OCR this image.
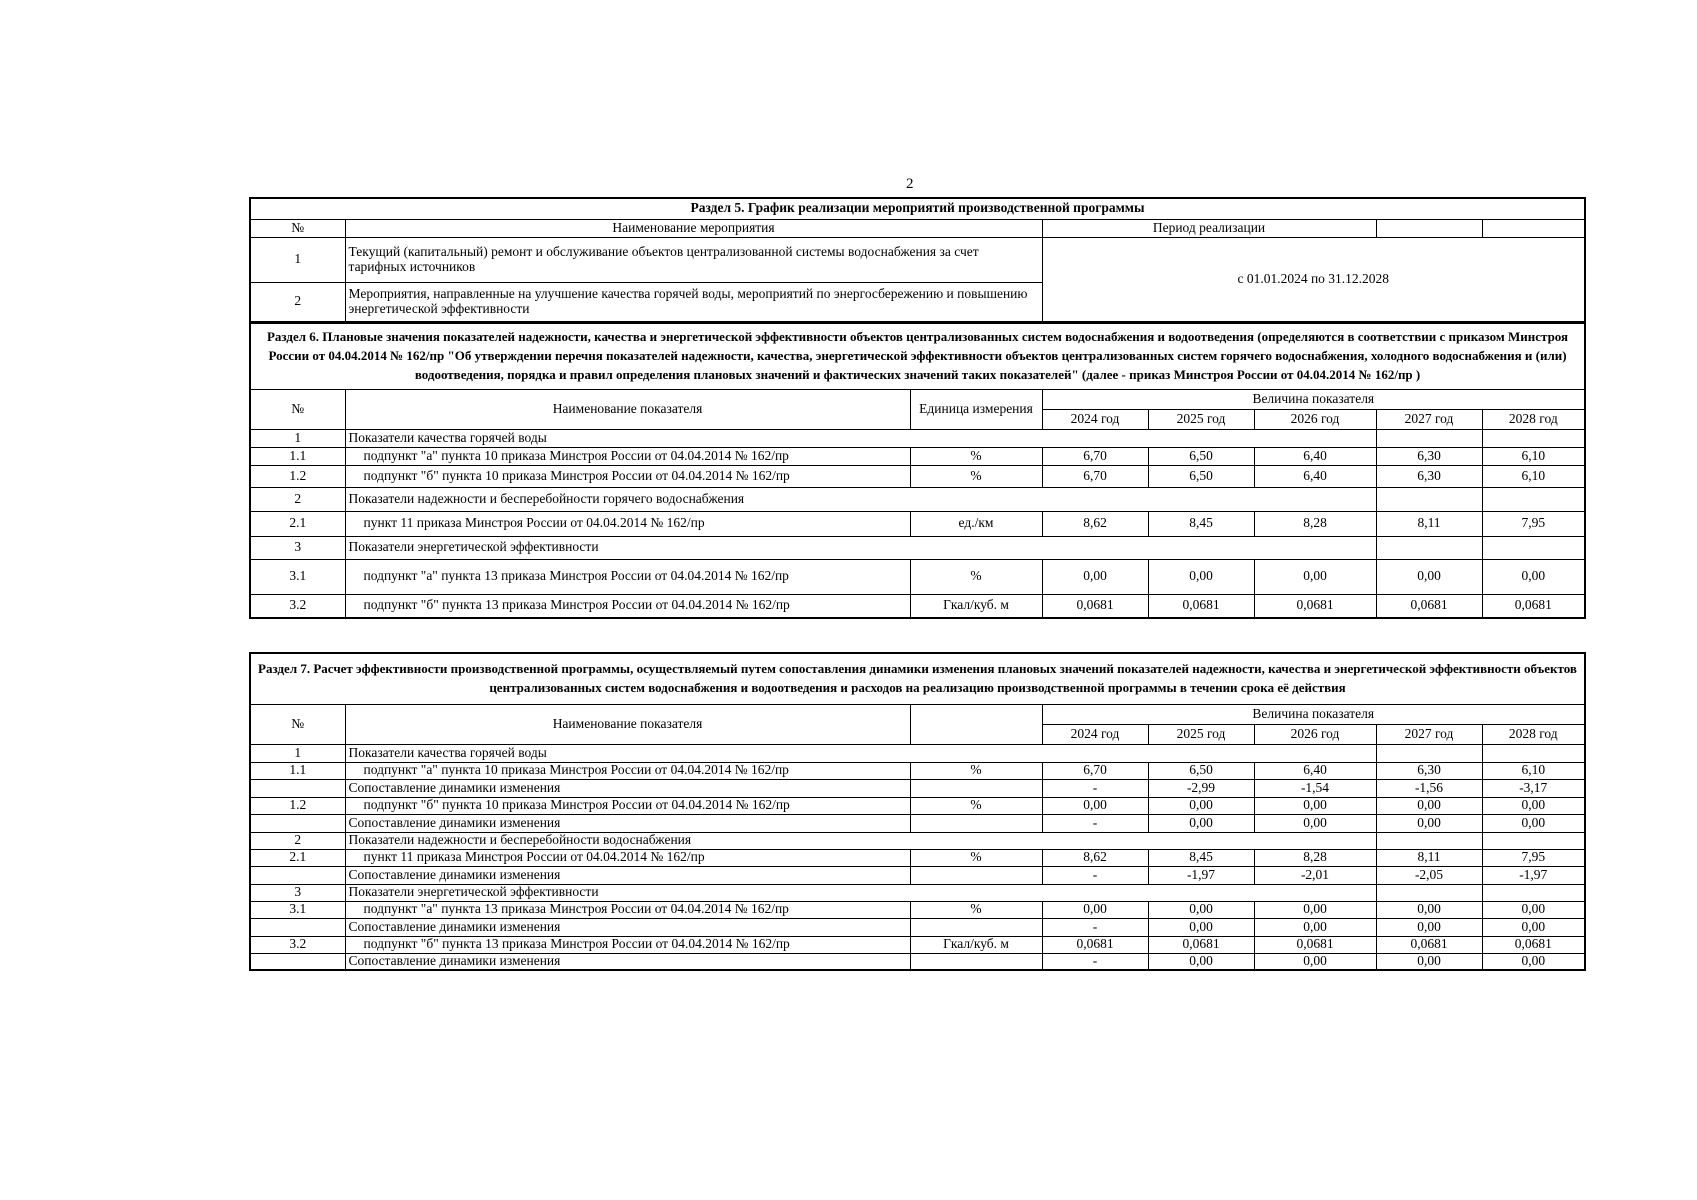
2
Раздел 5. График реализации мероприятий производственной программы				
№	Наименование мероприятия	Период реализации		
1	Текущий (капитальный) ремонт и обслуживание объектов централизованной системы водоснабжения за счет тарифных источников	с 01.01.2024 по 31.12.2028		
2	Мероприятия, направленные на улучшение качества горячей воды, мероприятий по энергосбережению и повышению энергетической эффективности			
Раздел 6. Плановые значения показателей надежности, качества и энергетической эффективности объектов централизованных систем водоснабжения и водоотведения (определяются в соответствии с приказом Минстроя России от 04.04.2014 № 162/пр "Об утверждении перечня показателей надежности, качества, энергетической эффективности объектов централизованных систем горячего водоснабжения, холодного водоснабжения и (или) водоотведения, порядка и правил определения плановых значений и фактических значений таких показателей" (далее - приказ Минстроя России от 04.04.2014 № 162/пр )							
№	Наименование показателя	Единица измерения	Величина показателя				
			2024 год	2025 год	2026 год	2027 год	2028 год
1	Показатели качества горячей воды						
1.1	подпункт "а" пункта 10 приказа Минстроя России от 04.04.2014 № 162/пр	%	6,70	6,50	6,40	6,30	6,10
1.2	подпункт "б" пункта 10 приказа Минстроя России от 04.04.2014 № 162/пр	%	6,70	6,50	6,40	6,30	6,10
2	Показатели надежности и бесперебойности горячего водоснабжения						
2.1	пункт 11 приказа Минстроя России от 04.04.2014 № 162/пр	ед./км	8,62	8,45	8,28	8,11	7,95
3	Показатели энергетической эффективности						
3.1	подпункт "а" пункта 13 приказа Минстроя России от 04.04.2014 № 162/пр	%	0,00	0,00	0,00	0,00	0,00
3.2	подпункт "б" пункта 13 приказа Минстроя России от 04.04.2014 № 162/пр	Гкал/куб. м	0,0681	0,0681	0,0681	0,0681	0,0681
Раздел 7. Расчет эффективности производственной программы, осуществляемый путем сопоставления динамики изменения плановых значений показателей надежности, качества и энергетической эффективности объектов централизованных систем водоснабжения и водоотведения и расходов на реализацию производственной программы в течении срока её действия							
№	Наименование показателя		Величина показателя				
			2024 год	2025 год	2026 год	2027 год	2028 год
1	Показатели качества горячей воды						
1.1	подпункт "а" пункта 10 приказа Минстроя России от 04.04.2014 № 162/пр	%	6,70	6,50	6,40	6,30	6,10
	Сопоставление динамики изменения		-	-2,99	-1,54	-1,56	-3,17
1.2	подпункт "б" пункта 10 приказа Минстроя России от 04.04.2014 № 162/пр	%	0,00	0,00	0,00	0,00	0,00
	Сопоставление динамики изменения		-	0,00	0,00	0,00	0,00
2	Показатели надежности и бесперебойности водоснабжения						
2.1	пункт 11 приказа Минстроя России от 04.04.2014 № 162/пр	%	8,62	8,45	8,28	8,11	7,95
	Сопоставление динамики изменения		-	-1,97	-2,01	-2,05	-1,97
3	Показатели энергетической эффективности						
3.1	подпункт "а" пункта 13 приказа Минстроя России от 04.04.2014 № 162/пр	%	0,00	0,00	0,00	0,00	0,00
	Сопоставление динамики изменения		-	0,00	0,00	0,00	0,00
3.2	подпункт "б" пункта 13 приказа Минстроя России от 04.04.2014 № 162/пр	Гкал/куб. м	0,0681	0,0681	0,0681	0,0681	0,0681
	Сопоставление динамики изменения		-	0,00	0,00	0,00	0,00
